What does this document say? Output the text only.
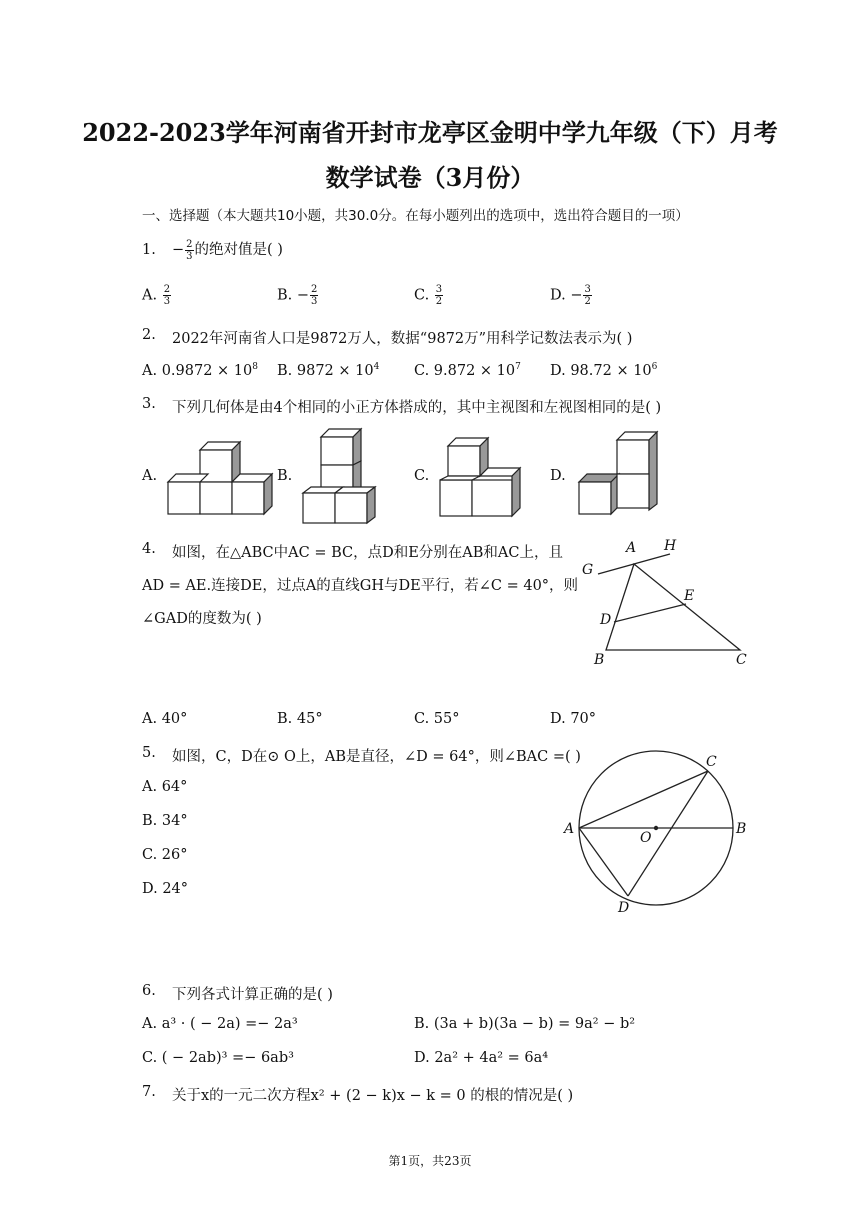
2022-2023学年河南省开封市龙亭区金明中学九年级（下）月考
数学试卷（3月份）
一、选择题（本大题共10小题，共30.0分。在每小题列出的选项中，选出符合题目的一项）
1. − $\frac{2}{3}$ 的绝对值是( )
A. $\frac{2}{3}$	B. − $\frac{2}{3}$	C. $\frac{3}{2}$	D. − $\frac{3}{2}$
2. 2022年河南省人口是9872万人，数据“9872万”用科学记数法表示为( )
A. $0.9872 \times 10^8$ B. $9872 \times 10^4$ C. $9.872 \times 10^7$ D. $98.72 \times 10^6$
3. 下列几何体是由4个相同的小正方体搭成的，其中主视图和左视图相同的是( )
A.	B.	C.	D.
4. 如图，在△ABC中AC = BC，点D和E分别在AB和AC上，且
AD = AE.连接DE，过点A的直线GH与DE平行，若∠C = 40°，则
∠GAD的度数为( )
A. 40°	B. 45°	C. 55°	D. 70°
A H
G
E
D
B	C
5. 如图，C，D在⊙ O上，AB是直径，∠D = 64°，则∠BAC =( )
A. 64°
B. 34°
C. 26°
D. 24°
C
A
O
B
D
6. 下列各式计算正确的是( )
A. a³ · ( − 2a) =− 2a³	B. (3a + b)(3a − b) = 9a² − b²
C. ( − 2ab)³ =− 6ab³	D. 2a² + 4a² = 6a⁴
7. 关于x的一元二次方程x² + (2 − k)x − k = 0 的根的情况是( )
第1页，共23页
